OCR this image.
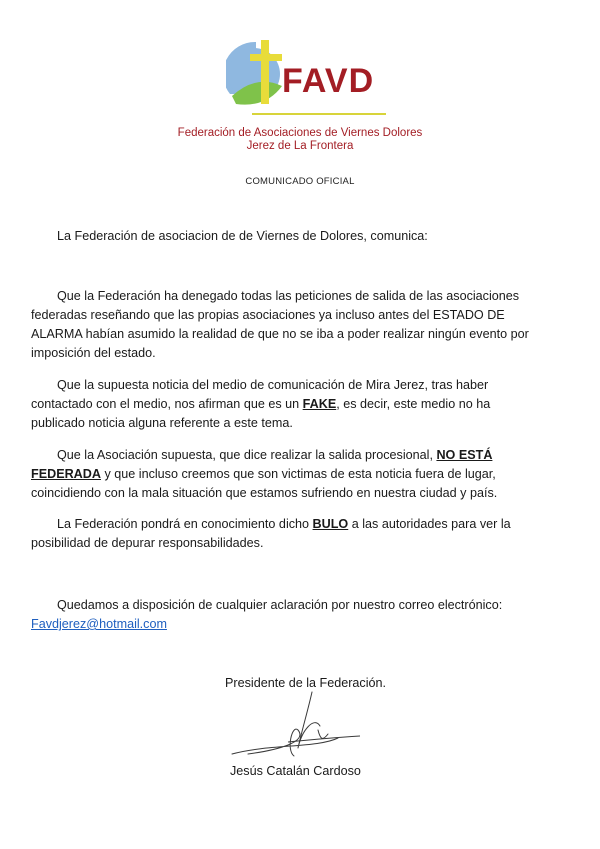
FAVD
Federación de Asociaciones de Viernes Dolores
Jerez de La Frontera
COMUNICADO OFICIAL
La Federación de asociacion de de Viernes de Dolores, comunica:
Que la Federación ha denegado todas las peticiones de salida de las asociaciones
federadas reseñando que las propias asociaciones ya incluso antes del ESTADO DE
ALARMA habían asumido la realidad de que no se iba a poder realizar ningún evento por
imposición del estado.
Que la supuesta noticia del medio de comunicación de Mira Jerez, tras haber
contactado con el medio, nos afirman que es un FAKE, es decir, este medio no ha
publicado noticia alguna referente a este tema.
Que la Asociación supuesta, que dice realizar la salida procesional, NO ESTÁ
FEDERADA y que incluso creemos que son victimas de esta noticia fuera de lugar,
coincidiendo con la mala situación que estamos sufriendo en nuestra ciudad y país.
La Federación pondrá en conocimiento dicho BULO a las autoridades para ver la
posibilidad de depurar responsabilidades.
Quedamos a disposición de cualquier aclaración por nuestro correo electrónico:
Favdjerez@hotmail.com
Presidente de la Federación.
Jesús Catalán Cardoso
